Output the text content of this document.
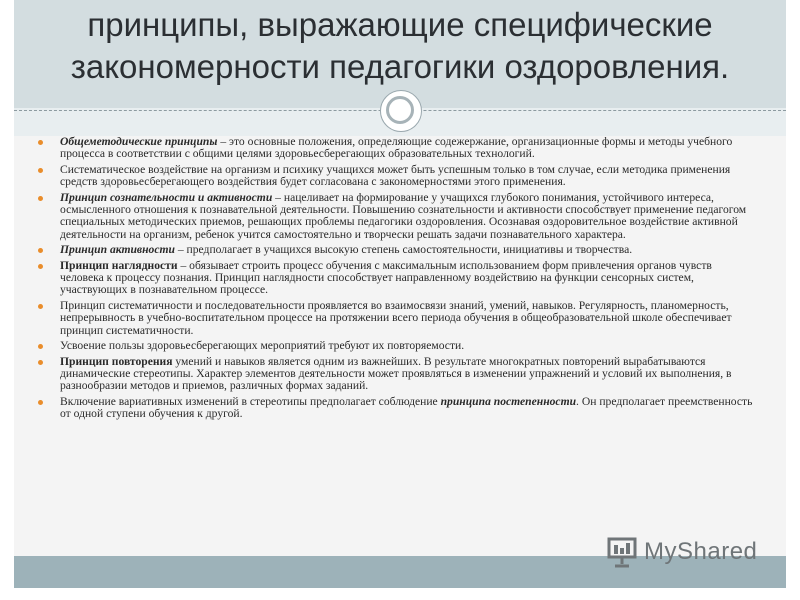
принципы, выражающие специфические закономерности педагогики оздоровления.
Общеметодические принципы – это основные положения, определяющие содежержание, организационные формы и методы учебного процесса в соответствии с общими целями здоровьесберегающих образовательных технологий.
Систематическое воздействие на организм и психику учащихся может быть успешным только в том случае, если методика применения средств здоровьесберегающего воздействия будет согласована с закономерностями этого применения.
Принцип сознательности и активности – нацеливает на формирование у учащихся глубокого понимания, устойчивого интереса, осмысленного отношения к познавательной деятельности. Повышению сознательности и активности способствует применение педагогом специальных методических приемов, решающих проблемы педагогики оздоровления. Осознавая оздоровительное воздействие активной деятельности на организм, ребенок учится самостоятельно и творчески решать задачи познавательного характера.
Принцип активности – предполагает в учащихся высокую степень самостоятельности, инициативы и творчества.
Принцип наглядности – обязывает строить процесс обучения с максимальным использованием форм привлечения органов чувств человека к процессу познания. Принцип наглядности способствует направленному воздействию на функции сенсорных систем, участвующих в познавательном процессе.
Принцип систематичности и последовательности проявляется во взаимосвязи знаний, умений, навыков. Регулярность, планомерность, непрерывность в учебно-воспитательном процессе на протяжении всего периода обучения в общеобразовательной школе обеспечивает принцип систематичности.
Усвоение пользы здоровьесберегающих мероприятий требуют их повторяемости.
Принцип повторения умений и навыков является одним из важнейших. В результате многократных повторений вырабатываются динамические стереотипы. Характер элементов деятельности может проявляться в изменении упражнений и условий их выполнения, в разнообразии методов и приемов, различных формах заданий.
Включение вариативных изменений в стереотипы предполагает соблюдение принципа постепенности. Он предполагает преемственность от одной ступени обучения к другой.
MyShared
